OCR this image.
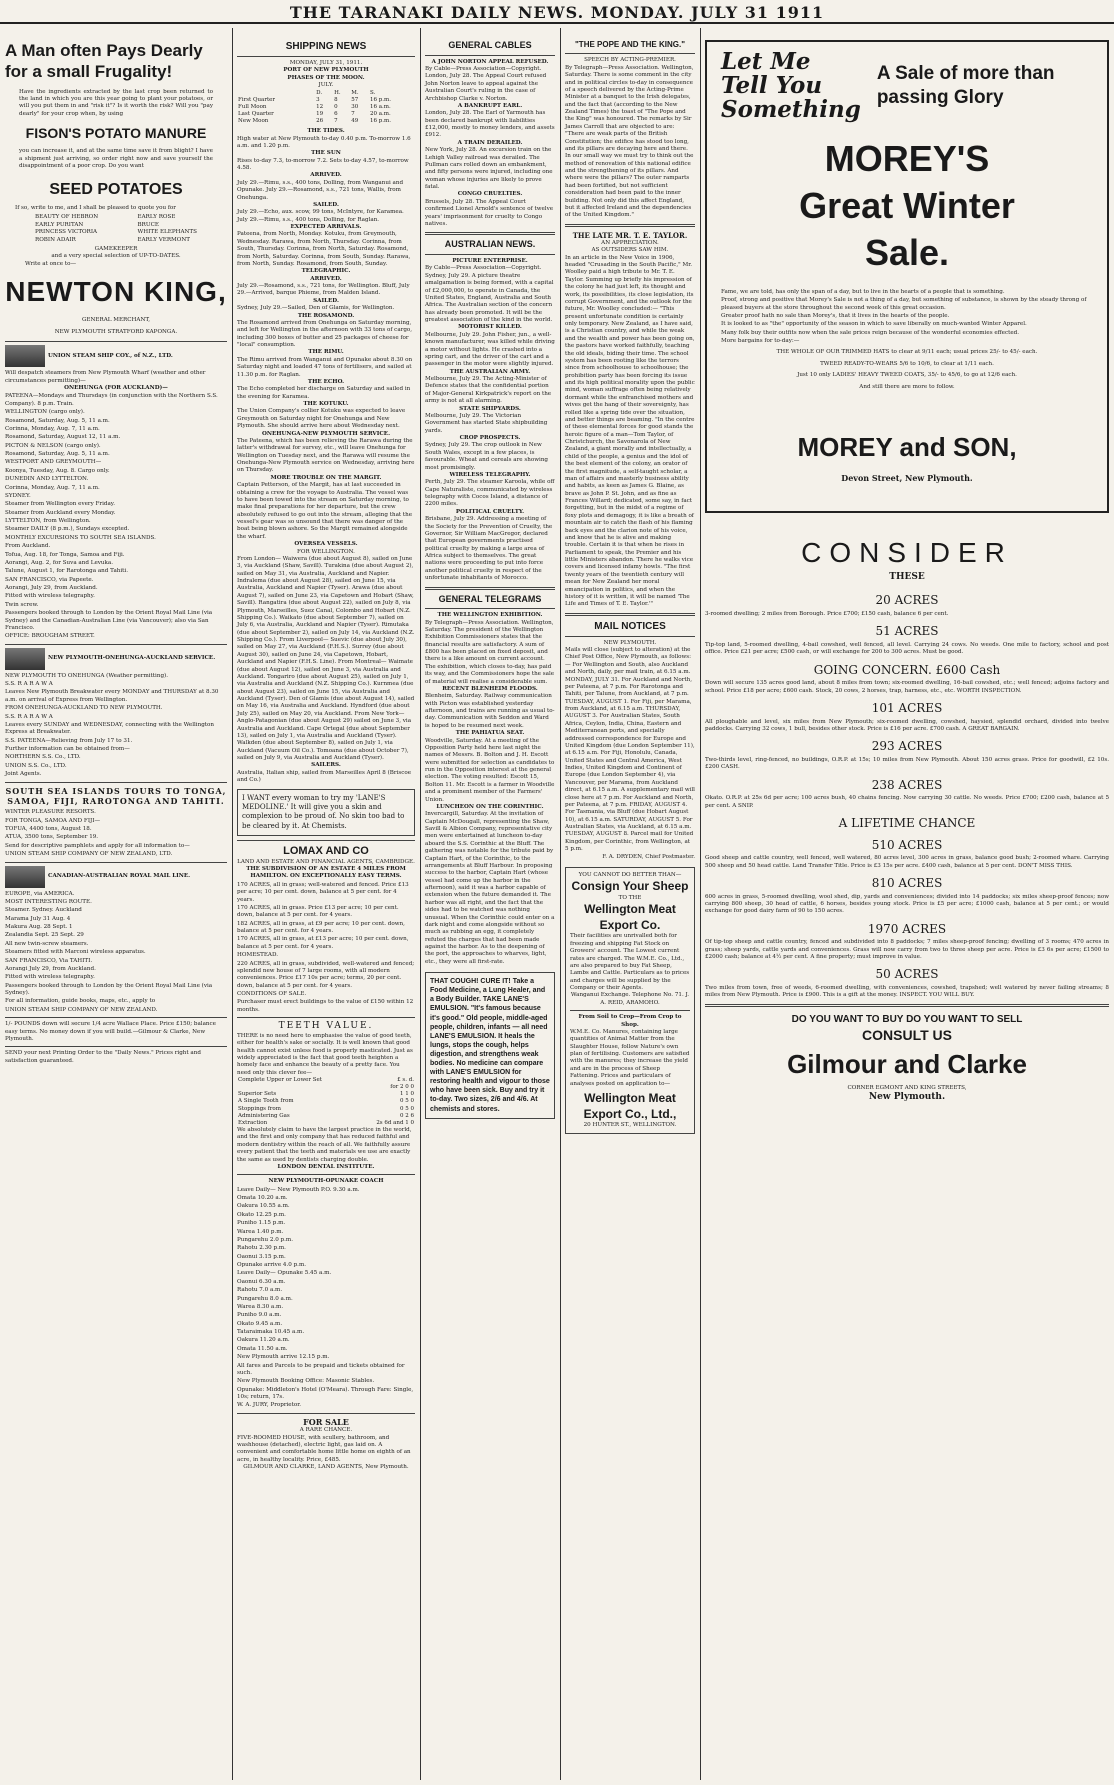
THE TARANAKI DAILY NEWS. MONDAY. JULY 31 1911
A Man often Pays Dearly for a small Frugality!
Have the ingredients extracted by the last crop been returned to the land in which you are this year going to plant your potatoes, or will you put them in and "risk it"? Is it worth the risk? Will you "pay dearly" for your crop when, by using
FISON'S POTATO MANURE
you can increase it, and at the same time save it from blight? I have a shipment just arriving, so order right now and save yourself the disappointment of a poor crop. Do you want
SEED POTATOES
If so, write to me, and I shall be pleased to quote you for
BEAUTY OF HEBRON
EARLY PURITAN
PRINCESS VICTORIA
ROBIN ADAIR
EARLY ROSE
BRUCE
WHITE ELEPHANTS
EARLY VERMONT
GAMEKEEPER
and a very special selection of UP-TO-DATES.
Write at once to—
NEWTON KING,
GENERAL MERCHANT,
NEW PLYMOUTH STRATFORD KAPONGA.
UNION STEAM SHIP COY., of N.Z., LTD.
Will despatch steamers from New Plymouth Wharf (weather and other circumstances permitting)—
ONEHUNGA (FOR AUCKLAND)—
PATEENA—Mondays and Thursdays (in conjunction with the Northern S.S. Company). 8 p.m. Train.
WELLINGTON (cargo only).
Rosamond, Saturday, Aug. 5, 11 a.m.
Corinna, Monday, Aug. 7, 11 a.m.
Rosamond, Saturday, August 12, 11 a.m.
PICTON & NELSON (cargo only).
Rosamond, Saturday, Aug. 5, 11 a.m.
WESTPORT AND GREYMOUTH—
Koonya, Tuesday, Aug. 8. Cargo only.
DUNEDIN AND LYTTELTON.
Corinna, Monday, Aug. 7, 11 a.m.
SYDNEY.
Steamer from Wellington every Friday.
Steamer from Auckland every Monday.
LYTTELTON, from Wellington.
Steamer DAILY (8 p.m.), Sundays excepted.
MONTHLY EXCURSIONS TO SOUTH SEA ISLANDS.
From Auckland.
Tofua, Aug. 18, for Tonga, Samoa and Fiji.
Aorangi, Aug. 2, for Suva and Levuka.
Talune, August 1, for Rarotonga and Tahiti.
SAN FRANCISCO, via Papeete.
Aorangi, July 29, from Auckland.
Fitted with wireless telegraphy.
Twin screw.
Passengers booked through to London by the Orient Royal Mail Line (via Sydney) and the Canadian-Australian Line (via Vancouver); also via San Francisco.
OFFICE: BROUGHAM STREET.
NEW PLYMOUTH-ONEHUNGA-AUCKLAND SERVICE.
NEW PLYMOUTH TO ONEHUNGA (Weather permitting).
S.S. R A R A W A
Leaves New Plymouth Breakwater every MONDAY and THURSDAY at 8.30 a.m. on arrival of Express from Wellington.
FROM ONEHUNGA-AUCKLAND TO NEW PLYMOUTH.
S.S. R A R A W A
Leaves every SUNDAY and WEDNESDAY, connecting with the Wellington Express at Breakwater.
S.S. PATEENA—Relieving from July 17 to 31.
Further information can be obtained from—
NORTHERN S.S. Co., LTD.
UNION S.S. Co., LTD.
Joint Agents.
SOUTH SEA ISLANDS TOURS TO TONGA, SAMOA, FIJI, RAROTONGA AND TAHITI.
WINTER PLEASURE RESORTS.
FOR TONGA, SAMOA AND FIJI—
TOFUA, 4400 tons, August 18.
ATUA, 3500 tons, September 19.
Send for descriptive pamphlets and apply for all information to—
UNION STEAM SHIP COMPANY OF NEW ZEALAND, LTD.
CANADIAN-AUSTRALIAN ROYAL MAIL LINE.
EUROPE, via AMERICA.
MOST INTERESTING ROUTE.
Steamer. Sydney. Auckland
Marama July 31 Aug. 4
Makura Aug. 28 Sept. 1
Zealandia Sept. 25 Sept. 29
All new twin-screw steamers.
Steamers fitted with Marconi wireless apparatus.
SAN FRANCISCO, Via TAHITI.
Aorangi July 29, from Auckland.
Fitted with wireless telegraphy.
Passengers booked through to London by the Orient Royal Mail Line (via Sydney).
For all information, guide books, maps, etc., apply to
UNION STEAM SHIP COMPANY OF NEW ZEALAND.
1/- POUNDS down will secure 1/4 acre Wallace Place. Price £150; balance easy terms. No money down if you will build.—Gilmour & Clarke, New Plymouth.
SEND your next Printing Order to the "Daily News." Prices right and satisfaction guaranteed.
SHIPPING NEWS
MONDAY, JULY 31, 1911.
PORT OF NEW PLYMOUTH
PHASES OF THE MOON.
JULY.
	D.	H.	M.	S.
First Quarter	3	8	57	16 p.m.
Full Moon	12	0	30	16 a.m.
Last Quarter	19	6	7	20 a.m.
New Moon	26	7	49	16 p.m.
THE TIDES.
High water at New Plymouth to-day 0.40 p.m. To-morrow 1.6 a.m. and 1.20 p.m.
THE SUN
Rises to-day 7.3, to-morrow 7.2. Sets to-day 4.57, to-morrow 4.58.
ARRIVED.
July 29.—Rimu, s.s., 400 tons, Dolling, from Wanganui and Opunake. July 29.—Rosamond, s.s., 721 tons, Wallis, from Onehunga.
SAILED.
July 29.—Echo, aux. scow, 99 tons, McIntyre, for Karamea. July 29.—Rimu, s.s., 400 tons, Dolling, for Raglan.
EXPECTED ARRIVALS.
Pateena, from North, Monday. Kotuku, from Greymouth, Wednesday. Rarawa, from North, Thursday. Corinna, from South, Thursday. Corinna, from North, Saturday. Rosamond, from North, Saturday. Corinna, from South, Sunday. Rarawa, from North, Sunday. Rosamond, from South, Sunday.
TELEGRAPHIC.
ARRIVED.
July 29.—Rosamond, s.s., 721 tons, for Wellington. Bluff, July 29.—Arrived, barque Phieme, from Malden Island.
SAILED.
Sydney, July 29.—Sailed, Den of Glamis, for Wellington.
THE ROSAMOND.
The Rosamond arrived from Onehunga on Saturday morning, and left for Wellington in the afternoon with 33 tons of cargo, including 300 boxes of butter and 25 packages of cheese for "local" consumption.
THE RIMU.
The Rimu arrived from Wanganui and Opunake about 8.30 on Saturday night and loaded 47 tons of fertilisers, and sailed at 11.30 p.m. for Raglan.
THE ECHO.
The Echo completed her discharge on Saturday and sailed in the evening for Karamea.
THE KOTUKU.
The Union Company's collier Kotuku was expected to leave Greymouth on Saturday night for Onehunga and New Plymouth. She should arrive here about Wednesday next.
ONEHUNGA-NEW PLYMOUTH SERVICE.
The Pateena, which has been relieving the Rarawa during the latter's withdrawal for survey, etc., will leave Onehunga for Wellington on Tuesday next, and the Rarawa will resume the Onehunga-New Plymouth service on Wednesday, arriving here on Thursday.
MORE TROUBLE ON THE MARGIT.
Captain Petterson, of the Margit, has at last succeeded in obtaining a crew for the voyage to Australia. The vessel was to have been towed into the stream on Saturday morning, to make final preparations for her departure, but the crew absolutely refused to go out into the stream, alleging that the vessel's gear was so unsound that there was danger of the boat being blown ashore. So the Margit remained alongside the wharf.
OVERSEA VESSELS.
FOR WELLINGTON.
From London— Waiwera (due about August 8), sailed on June 3, via Auckland (Shaw, Savill). Turakina (due about August 2), sailed on May 31, via Australia, Auckland and Napier. Indralema (due about August 28), sailed on June 15, via Australia, Auckland and Napier (Tyser). Arawa (due about August 7), sailed on June 23, via Capetown and Hobart (Shaw, Savill). Rangatira (due about August 22), sailed on July 8, via Plymouth, Marseilles, Suez Canal, Colombo and Hobart (N.Z. Shipping Co.). Waikato (due about September 7), sailed on July 6, via Australia, Auckland and Napier (Tyser). Rimutaka (due about September 2), sailed on July 14, via Auckland (N.Z. Shipping Co.). From Liverpool— Suevic (due about July 30), sailed on May 27, via Auckland (F.H.S.). Surrey (due about August 30), sailed on June 24, via Capetown, Hobart, Auckland and Napier (F.H.S. Line). From Montreal— Waimate (due about August 12), sailed on June 3, via Australia and Auckland. Tongariro (due about August 25), sailed on July 1, via Australia and Auckland (N.Z. Shipping Co.). Kurnmea (due about August 23), sailed on June 15, via Australia and Auckland (Tyser). Den of Glamis (due about August 14), sailed on May 16, via Australia and Auckland. Hyndford (due about July 25), sailed on May 20, via Auckland. From New York— Anglo-Patagonian (due about August 29) sailed on June 3, via Australia and Auckland. Cape Ortegal (due about September 13), sailed on July 1, via Australia and Auckland (Tyser). Walkden (due about September 8), sailed on July 1, via Auckland (Vacuum Oil Co.). Tomoana (due about October 7), sailed on July 9, via Australia and Auckland (Tyser).
SAILERS.
Australia, Italian ship, sailed from Marseilles April 8 (Briscoe and Co.)
I WANT every woman to try my 'LANE'S MEDOLINE.' It will give you a skin and complexion to be proud of. No skin too bad to be cleared by it. At Chemists.
LOMAX AND CO
LAND AND ESTATE AND FINANCIAL AGENTS, CAMBRIDGE.
THE SUBDIVISION OF AN ESTATE 4 MILES FROM HAMILTON. ON EXCEPTIONALLY EASY TERMS.
170 ACRES, all in grass; well-watered and fenced. Price £13 per acre; 10 per cent. down, balance at 5 per cent. for 4 years.
170 ACRES, all in grass. Price £13 per acre; 10 per cent. down, balance at 5 per cent. for 4 years.
182 ACRES, all in grass, at £9 per acre; 10 per cent. down, balance at 5 per cent. for 4 years.
170 ACRES, all in grass, at £13 per acre; 10 per cent. down, balance at 5 per cent. for 4 years.
HOMESTEAD.
220 ACRES, all in grass, subdivided, well-watered and fenced; splendid new house of 7 large rooms, with all modern conveniences. Price £17 10s per acre; terms, 20 per cent. down, balance at 5 per cent. for 4 years.
CONDITIONS OF SALE.
Purchaser must erect buildings to the value of £150 within 12 months.
TEETH VALUE.
THERE is no need here to emphasise the value of good teeth, either for health's sake or socially. It is well known that good health cannot exist unless food is properly masticated. Just as widely appreciated is the fact that good teeth heighten a homely face and enhance the beauty of a pretty face. You need only this clever fee—
Complete Upper or Lower Set	£ s. d.
	for 2 0 0
Superior Sets	1 1 0
A Single Tooth from	0 5 0
Stoppings from	0 5 0
Administering Gas	0 2 6
Extraction	2s 6d and 1 0
We absolutely claim to have the largest practice in the world, and the first and only company that has reduced faithful and modern dentistry within the reach of all. We faithfully assure every patient that the teeth and materials we use are exactly the same as used by dentists charging double.
LONDON DENTAL INSTITUTE.
NEW PLYMOUTH-OPUNAKE COACH
Leave Daily— New Plymouth P.O. 9.30 a.m.
Omata 10.20 a.m.
Oakura 10.55 a.m.
Okato 12.25 p.m.
Puniho 1.15 p.m.
Warea 1.40 p.m.
Pungarehu 2.0 p.m.
Rahotu 2.30 p.m.
Oaonui 3.15 p.m.
Opunake arrive 4.0 p.m.
Leave Daily— Opunake 5.45 a.m.
Oaonui 6.30 a.m.
Rahotu 7.0 a.m.
Pungarehu 8.0 a.m.
Warea 8.30 a.m.
Puniho 9.0 a.m.
Okato 9.45 a.m.
Tataraimaka 10.45 a.m.
Oakura 11.20 a.m.
Omata 11.50 a.m.
New Plymouth arrive 12.15 p.m.
All fares and Parcels to be prepaid and tickets obtained for such.
New Plymouth Booking Office: Masonic Stables.
Opunake: Middleton's Hotel (O'Meara). Through Fare: Single, 10s; return, 17s.
W. A. JURY, Proprietor.
FOR SALE
A RARE CHANCE.
FIVE-ROOMED HOUSE, with scullery, bathroom, and washhouse (detached), electric light, gas laid on. A convenient and comfortable home little home on eighth of an acre, in healthy locality. Price, £485.
GILMOUR AND CLARKE, LAND AGENTS, New Plymouth.
GENERAL CABLES
A JOHN NORTON APPEAL REFUSED.
By Cable—Press Association—Copyright. London, July 28. The Appeal Court refused John Norton leave to appeal against the Australian Court's ruling in the case of Archbishop Clarke v. Norton.
A BANKRUPT EARL.
London, July 28. The Earl of Yarmouth has been declared bankrupt with liabilities £12,000, mostly to money lenders, and assets £912.
A TRAIN DERAILED.
New York, July 28. An excursion train on the Lehigh Valley railroad was derailed. The Pullman cars rolled down an embankment, and fifty persons were injured, including one woman whose injuries are likely to prove fatal.
CONGO CRUELTIES.
Brussels, July 28. The Appeal Court confirmed Lionel Arnold's sentence of twelve years' imprisonment for cruelty to Congo natives.
AUSTRALIAN NEWS.
PICTURE ENTERPRISE.
By Cable—Press Association—Copyright. Sydney, July 29. A picture theatre amalgamation is being formed, with a capital of £2,000,000, to operate in Canada, the United States, England, Australia and South Africa. The Australian section of the concern has already been promoted. It will be the greatest association of the kind in the world.
MOTORIST KILLED.
Melbourne, July 29. John Fisher, jun., a well-known manufacturer, was killed while driving a motor without lights. He crashed into a spring cart, and the driver of the cart and a passenger in the motor were slightly injured.
THE AUSTRALIAN ARMY.
Melbourne, July 29. The Acting-Minister of Defence states that the confidential portion of Major-General Kirkpatrick's report on the army is not at all alarming.
STATE SHIPYARDS.
Melbourne, July 29. The Victorian Government has started State shipbuilding yards.
CROP PROSPECTS.
Sydney, July 29. The crop outlook in New South Wales, except in a few places, is favourable. Wheat and cereals are showing most promisingly.
WIRELESS TELEGRAPHY.
Perth, July 29. The steamer Karoola, while off Cape Naturaliste, communicated by wireless telegraphy with Cocos Island, a distance of 2200 miles.
POLITICAL CRUELTY.
Brisbane, July 29. Addressing a meeting of the Society for the Prevention of Cruelty, the Governor, Sir William MacGregor, declared that European governments practised political cruelty by making a large area of Africa subject to themselves. The great nations were proceeding to put into force another political cruelty in respect of the unfortunate inhabitants of Morocco.
GENERAL TELEGRAMS
THE WELLINGTON EXHIBITION.
By Telegraph—Press Association. Wellington, Saturday. The president of the Wellington Exhibition Commissioners states that the financial results are satisfactory. A sum of £800 has been placed on fixed deposit, and there is a like amount on current account. The exhibition, which closes to-day, has paid its way, and the Commissioners hope the sale of material will realise a considerable sum.
RECENT BLENHEIM FLOODS.
Blenheim, Saturday. Railway communication with Picton was established yesterday afternoon, and trains are running as usual to-day. Communication with Seddon and Ward is hoped to be resumed next week.
THE PAHIATUA SEAT.
Woodville, Saturday. At a meeting of the Opposition Party held here last night the names of Messrs. B. Bolton and J. H. Escott were submitted for selection as candidates to run in the Opposition interest at the general election. The voting resulted: Escott 15, Bolton 11. Mr. Escott is a farmer in Woodville and a prominent member of the Farmers' Union.
LUNCHEON ON THE CORINTHIC.
Invercargill, Saturday. At the invitation of Captain McDougall, representing the Shaw, Savill & Albion Company, representative city men were entertained at luncheon to-day aboard the S.S. Corinthic at the Bluff. The gathering was notable for the tribute paid by Captain Hart, of the Corinthic, to the arrangements at Bluff Harbour. In proposing success to the harbor, Captain Hart (whose vessel had come up the harbor in the afternoon), said it was a harbor capable of extension when the future demanded it. The harbor was all right, and the fact that the sides had to be watched was nothing unusual. When the Corinthic could enter on a dark night and come alongside without so much as rubbing an egg, it completely refuted the charges that had been made against the harbor. As to the deepening of the port, the approaches to wharves, light, etc., they were all first-rate.
THAT COUGH! CURE IT! Take a Food Medicine, a Lung Healer, and a Body Builder. TAKE LANE'S EMULSION. "It's famous because it's good." Old people, middle-aged people, children, infants — all need LANE'S EMULSION. It heals the lungs, stops the cough, helps digestion, and strengthens weak bodies. No medicine can compare with LANE'S EMULSION for restoring health and vigour to those who have been sick. Buy and try it to-day. Two sizes, 2/6 and 4/6. At chemists and stores.
"THE POPE AND THE KING."
SPEECH BY ACTING-PREMIER.
By Telegraph—Press Association. Wellington, Saturday. There is some comment in the city and in political circles to-day in consequence of a speech delivered by the Acting-Prime Minister at a banquet to the Irish delegates, and the fact that (according to the New Zealand Times) the toast of "The Pope and the King" was honoured. The remarks by Sir James Carroll that are objected to are: "There are weak parts of the British Constitution; the edifice has stood too long, and its pillars are decaying here and there. In our small way we must try to think out the method of renovation of this national edifice and the strengthening of its pillars. And where were the pillars? The outer ramparts had been fortified, but not sufficient consideration had been paid to the inner building. Not only did this affect England, but it affected Ireland and the dependencies of the United Kingdom."
THE LATE MR. T. E. TAYLOR.
AN APPRECIATION.
AS OUTSIDERS SAW HIM.
In an article in the New Voice in 1906, headed "Crusading in the South Pacific," Mr. Woolley paid a high tribute to Mr. T. E. Taylor. Summing up briefly his impression of the colony he had just left, its thought and work, its possibilities, its close legislation, its corrupt Government, and the outlook for the future, Mr. Woolley concluded:— "This present unfortunate condition is certainly only temporary. New Zealand, as I have said, is a Christian country, and while the weak and the wealth and power has been going on, the pastors have worked faithfully, teaching the old ideals, biding their time. The school system has been rooting like the terrors since from schoolhouse to schoolhouse; the prohibition party has been forcing its issue and its high political morality upon the public mind, woman suffrage often being relatively dormant while the enfranchised mothers and wives get the hang of their sovereignty, has rolled like a spring tide over the situation, and better things are beaming. "In the centre of these elemental forces for good stands the heroic figure of a man—Tom Taylor, of Christchurch, the Savonarola of New Zealand, a giant morally and intellectually, a child of the people, a genius and the idol of the best element of the colony, an orator of the first magnitude, a self-taught scholar, a man of affairs and masterly business ability and habits, as keen as James G. Blaine, as brave as John P. St. John, and as fine as Frances Willard; dedicated, some say, in fact forgetting, but in the midst of a regime of foxy plots and demagogy, it is like a breath of mountain air to catch the flash of his flaming back eyes and the clarion note of his voice, and know that he is alive and making trouble. Certain it is that when he rises in Parliament to speak, the Premier and his little Ministers abandon. There he walks vice covers and licensed infamy howls. "The first twenty years of the twentieth century will mean for New Zealand her moral emancipation in politics, and when the history of it is written, it will be named 'The Life and Times of T. E. Taylor.'"
MAIL NOTICES
NEW PLYMOUTH.
Mails will close (subject to alteration) at the Chief Post Office, New Plymouth, as follows:— For Wellington and South, also Auckland and North, daily, per mail train, at 6.15 a.m. MONDAY, JULY 31. For Auckland and North, per Pateena, at 7 p.m. For Rarotonga and Tahiti, per Talune, from Auckland, at 7 p.m. TUESDAY, AUGUST 1. For Fiji, per Marama, from Auckland, at 6.15 a.m. THURSDAY, AUGUST 3. For Australian States, South Africa, Ceylon, India, China, Eastern and Mediterranean ports, and specially addressed correspondence for Europe and United Kingdom (due London September 11), at 6.15 a.m. For Fiji, Honolulu, Canada, United States and Central America, West Indies, United Kingdom and Continent of Europe (due London September 4), via Vancouver, per Marama, from Auckland direct, at 6.15 a.m. A supplementary mail will close here at 7 p.m. For Auckland and North, per Pateena, at 7 p.m. FRIDAY, AUGUST 4. For Tasmania, via Bluff (due Hobart August 10), at 6.15 a.m. SATURDAY, AUGUST 5. For Australian States, via Auckland, at 6.15 a.m. TUESDAY, AUGUST 8. Parcel mail for United Kingdom, per Corinthic, from Wellington, at 5 p.m.
F. A. DRYDEN, Chief Postmaster.
YOU CANNOT DO BETTER THAN—
Consign Your Sheep
TO THE
Wellington Meat Export Co.
Their facilities are unrivalled both for freezing and shipping Fat Stock on Growers' account. The Lowest current rates are charged. The W.M.E. Co., Ltd., are also prepared to buy Fat Sheep, Lambs and Cattle. Particulars as to prices and charges will be supplied by the Company or their Agents.
Wanganui Exchange. Telephone No. 71. J. A. REID, ARAMOHO.
From Soil to Crop—From Crop to Shop.
W.M.E. Co. Manures, containing large quantities of Animal Matter from the Slaughter House, follow Nature's own plan of fertilising. Customers are satisfied with the manures; they increase the yield and are in the process of Sheep Fattening. Prices and particulars of analyses posted on application to—
Wellington Meat Export Co., Ltd.,
20 HUNTER ST., WELLINGTON.
Let Me Tell You Something
A Sale of more than passing Glory
MOREY'S
Great Winter
Sale.
Fame, we are told, has only the span of a day, but to live in the hearts of a people that is something.
Proof, strong and positive that Morey's Sale is not a thing of a day, but something of substance, is shown by the steady throng of pleased buyers at the store throughout the second week of this great occasion.
Greater proof hath no sale than Morey's, that it lives in the hearts of the people.
It is looked to as "the" opportunity of the season in which to save liberally on much-wanted Winter Apparel.
Many folk buy their outfits now when the sale prices reign because of the wonderful economies effected.
More bargains for to-day:—
THE WHOLE OF OUR TRIMMED HATS to clear at 9/11 each; usual prices 25/- to 45/- each.
TWEED READY-TO-WEARS 5/6 to 10/6, to clear at 1/11 each.
Just 10 only LADIES' HEAVY TWEED COATS, 35/- to 45/6, to go at 12/6 each.
And still there are more to follow.
MOREY and SON,
Devon Street, New Plymouth.
CONSIDER
THESE
20 ACRES
3-roomed dwelling; 2 miles from Borough. Price £700; £150 cash, balance 6 per cent.
51 ACRES
Tip-top land, 5-roomed dwelling, 4-bail cowshed, well fenced, all level. Carrying 24 cows. No weeds. One mile to factory, school and post office. Price £21 per acre; £500 cash, or will exchange for 200 to 300 acres. Must be good.
GOING CONCERN. £600 Cash
Down will secure 135 acres good land, about 8 miles from town; six-roomed dwelling, 16-bail cowshed, etc.; well fenced; adjoins factory and school. Price £18 per acre; £600 cash. Stock, 20 cows, 2 horses, trap, harness, etc., etc. WORTH INSPECTION.
101 ACRES
All ploughable and level, six miles from New Plymouth; six-roomed dwelling, cowshed, haysied, splendid orchard, divided into twelve paddocks. Carrying 32 cows, 1 bull, besides other stock. Price is £16 per acre. £700 cash. A GREAT BARGAIN.
293 ACRES
Two-thirds level, ring-fenced, no buildings, O.R.P. at 15s; 10 miles from New Plymouth. About 150 acres grass. Price for goodwill, £2 10s. £200 CASH.
238 ACRES
Okato. O.R.P. at 25s 6d per acre; 100 acres bush, 40 chains fencing. Now carrying 30 cattle. No weeds. Price £700; £200 cash, balance at 5 per cent. A SNIP.
A LIFETIME CHANCE
510 ACRES
Good sheep and cattle country, well fenced, well watered, 80 acres level, 300 acres in grass, balance good bush; 2-roomed whare. Carrying 500 sheep and 50 head cattle. Land Transfer Title. Price is £3 15s per acre. £400 cash, balance at 5 per cent. DON'T MISS THIS.
810 ACRES
600 acres in grass, 5-roomed dwelling, wool shed, dip, yards and conveniences; divided into 14 paddocks; six miles sheep-proof fences; now carrying 800 sheep, 30 head of cattle, 6 horses, besides young stock. Price is £5 per acre; £1000 cash, balance at 5 per cent.; or would exchange for good dairy farm of 90 to 150 acres.
1970 ACRES
Of tip-top sheep and cattle country, fenced and subdivided into 8 paddocks; 7 miles sheep-proof fencing; dwelling of 3 rooms; 470 acres in grass; sheep yards, cattle yards and conveniences. Grass will now carry from two to three sheep per acre. Price is £3 6s per acre; £1500 to £2000 cash; balance at 4½ per cent. A fine property; must improve in value.
50 ACRES
Two miles from town, free of weeds, 6-roomed dwelling, with conveniences, cowshed, trapshed; well watered by never failing streams; 8 miles from New Plymouth. Price is £900. This is a gift at the money. INSPECT. YOU WILL BUY.
DO YOU WANT TO BUY DO YOU WANT TO SELL
CONSULT US
Gilmour and Clarke
CORNER EGMONT AND KING STREETS,
New Plymouth.
